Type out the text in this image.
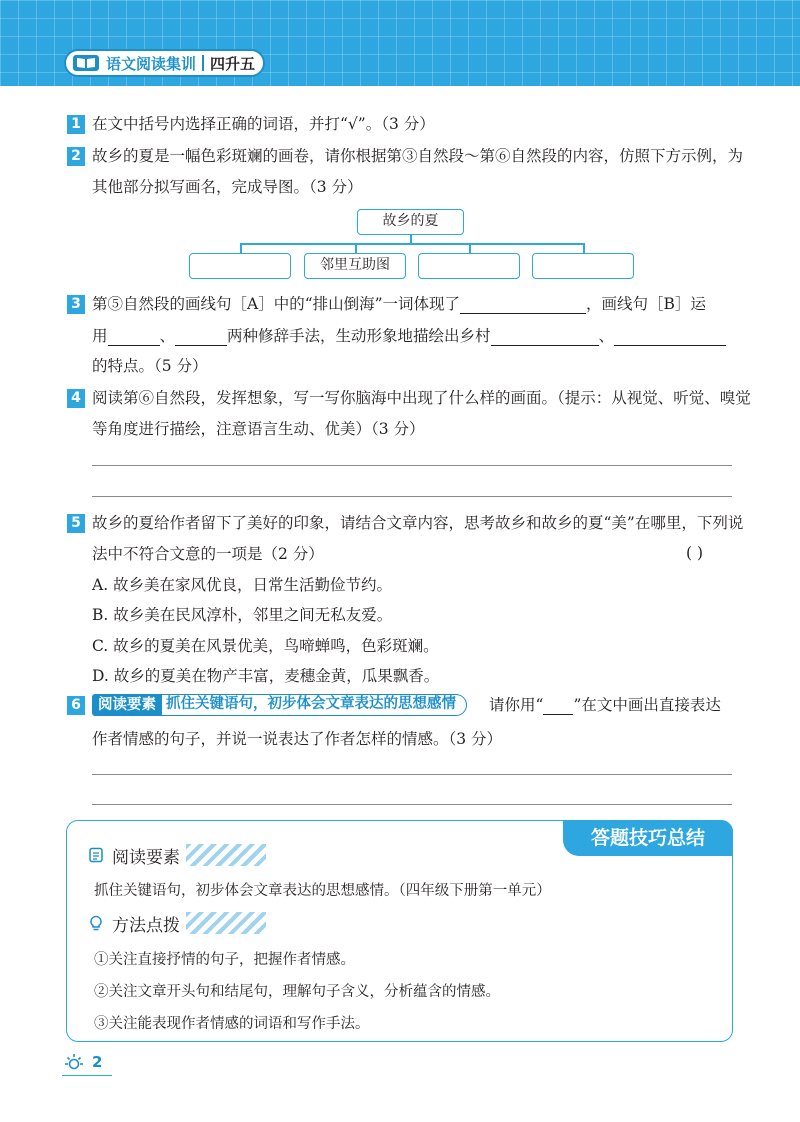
语文阅读集训 四升五
1 在文中括号内选择正确的词语，并打“√”。（3 分）
2 故乡的夏是一幅色彩斑斓的画卷，请你根据第③自然段～第⑥自然段的内容，仿照下方示例，为
其他部分拟写画名，完成导图。（3 分）
故乡的夏
邻里互助图
3 第⑤自然段的画线句［A］中的“排山倒海”一词体现了	，画线句［B］运
用	、	两种修辞手法，生动形象地描绘出乡村	、
的特点。（5 分）
4 阅读第⑥自然段，发挥想象，写一写你脑海中出现了什么样的画面。（提示：从视觉、听觉、嗅觉
等角度进行描绘，注意语言生动、优美）（3 分）
5 故乡的夏给作者留下了美好的印象，请结合文章内容，思考故乡和故乡的夏“美”在哪里，下列说
法中不符合文意的一项是（2 分）	( )
A. 故乡美在家风优良，日常生活勤俭节约。
B. 故乡美在民风淳朴，邻里之间无私友爱。
C. 故乡的夏美在风景优美，鸟啼蝉鸣，色彩斑斓。
D. 故乡的夏美在物产丰富，麦穗金黄，瓜果飘香。
6	阅读要素 抓住关键语句，初步体会文章表达的思想感情	请你用“ ”在文中画出直接表达
作者情感的句子，并说一说表达了作者怎样的情感。（3 分）
答题技巧总结
阅读要素
抓住关键语句，初步体会文章表达的思想感情。（四年级下册第一单元）
方法点拨
①关注直接抒情的句子，把握作者情感。
②关注文章开头句和结尾句，理解句子含义，分析蕴含的情感。
③关注能表现作者情感的词语和写作手法。
2
